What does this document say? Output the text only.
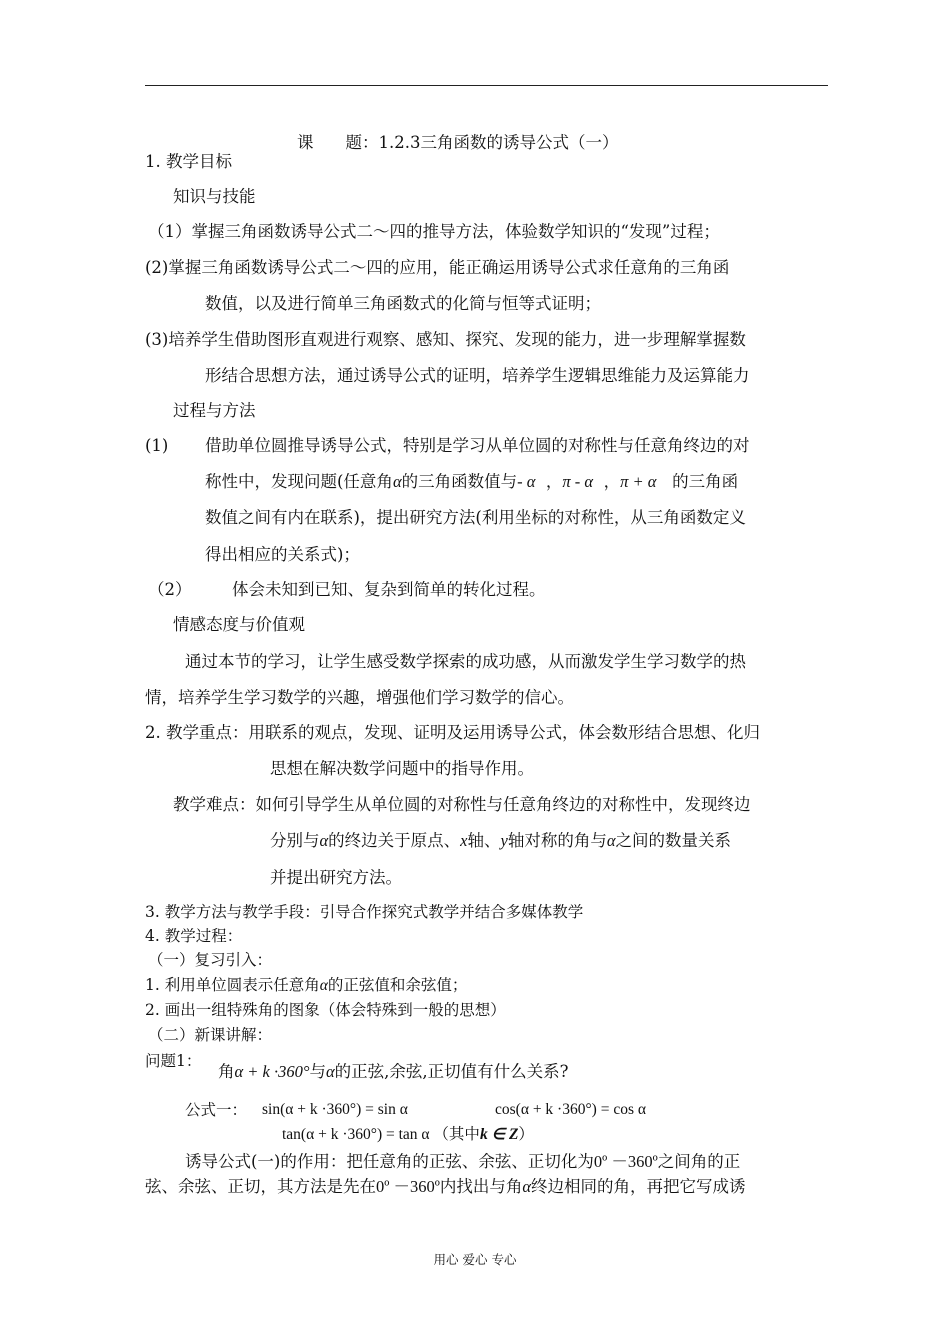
课 题：1.2.3三角函数的诱导公式（一）
1. 教学目标
知识与技能
（1）掌握三角函数诱导公式二～四的推导方法，体验数学知识的“发现”过程；
(2)掌握三角函数诱导公式二～四的应用，能正确运用诱导公式求任意角的三角函
数值，以及进行简单三角函数式的化简与恒等式证明；
(3)培养学生借助图形直观进行观察、感知、探究、发现的能力，进一步理解掌握数
形结合思想方法，通过诱导公式的证明，培养学生逻辑思维能力及运算能力
过程与方法
(1) 借助单位圆推导诱导公式，特别是学习从单位圆的对称性与任意角终边的对
称性中，发现问题(任意角α的三角函数值与- α ，π - α ，π + α 的三角函
数值之间有内在联系)，提出研究方法(利用坐标的对称性，从三角函数定义
得出相应的关系式)；
（2） 体会未知到已知、复杂到简单的转化过程。
情感态度与价值观
通过本节的学习，让学生感受数学探索的成功感，从而激发学生学习数学的热
情，培养学生学习数学的兴趣，增强他们学习数学的信心。
2. 教学重点：用联系的观点，发现、证明及运用诱导公式，体会数形结合思想、化归
思想在解决数学问题中的指导作用。
教学难点：如何引导学生从单位圆的对称性与任意角终边的对称性中，发现终边
分别与α的终边关于原点、x轴、y轴对称的角与α之间的数量关系
并提出研究方法。
3. 教学方法与教学手段：引导合作探究式教学并结合多媒体教学
4. 教学过程：
（一）复习引入：
1. 利用单位圆表示任意角α的正弦值和余弦值；
2. 画出一组特殊角的图象（体会特殊到一般的思想）
（二）新课讲解：
问题1：
角α + k ·360°与α的正弦,余弦,正切值有什么关系?
公式一： sin(α + k ·360°) = sin α	cos(α + k ·360°) = cos α
tan(α + k ·360°) = tan α （其中k ∈ Z）
诱导公式(一)的作用：把任意角的正弦、余弦、正切化为0º －360º之间角的正
弦、余弦、正切，其方法是先在0º －360º内找出与角α终边相同的角，再把它写成诱
用心 爱心 专心
